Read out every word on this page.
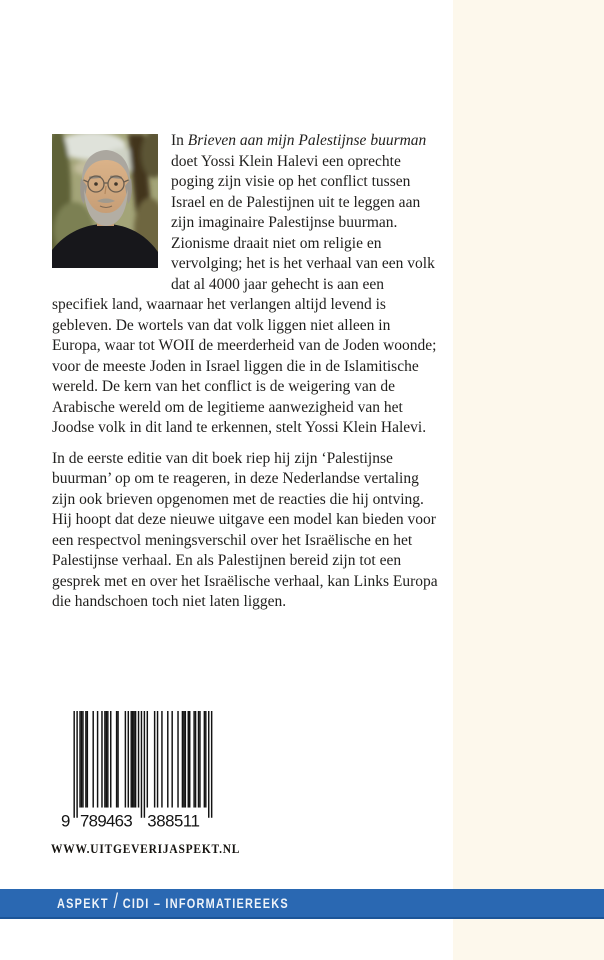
In Brieven aan mijn Palestijnse buurman doet Yossi Klein Halevi een oprechte poging zijn visie op het conflict tussen Israel en de Palestijnen uit te leggen aan zijn imaginaire Palestijnse buurman. Zionisme draait niet om religie en vervolging; het is het verhaal van een volk dat al 4000 jaar gehecht is aan een specifiek land, waarnaar het verlangen altijd levend is gebleven. De wortels van dat volk liggen niet alleen in Europa, waar tot WOII de meerderheid van de Joden woonde; voor de meeste Joden in Israel liggen die in de Islamitische wereld. De kern van het conflict is de weigering van de Arabische wereld om de legitieme aanwezigheid van het Joodse volk in dit land te erkennen, stelt Yossi Klein Halevi.

In de eerste editie van dit boek riep hij zijn ‘Palestijnse buurman’ op om te reageren, in deze Nederlandse vertaling zijn ook brieven opgenomen met de reacties die hij ontving. Hij hoopt dat deze nieuwe uitgave een model kan bieden voor een respectvol meningsverschil over het Israëlische en het Palestijnse verhaal. En als Palestijnen bereid zijn tot een gesprek met en over het Israëlische verhaal, kan Links Europa die handschoen toch niet laten liggen.

9 789463 388511
WWW.UITGEVERIJASPEKT.NL
ASPEKT / CIDI – INFORMATIEREEKS
